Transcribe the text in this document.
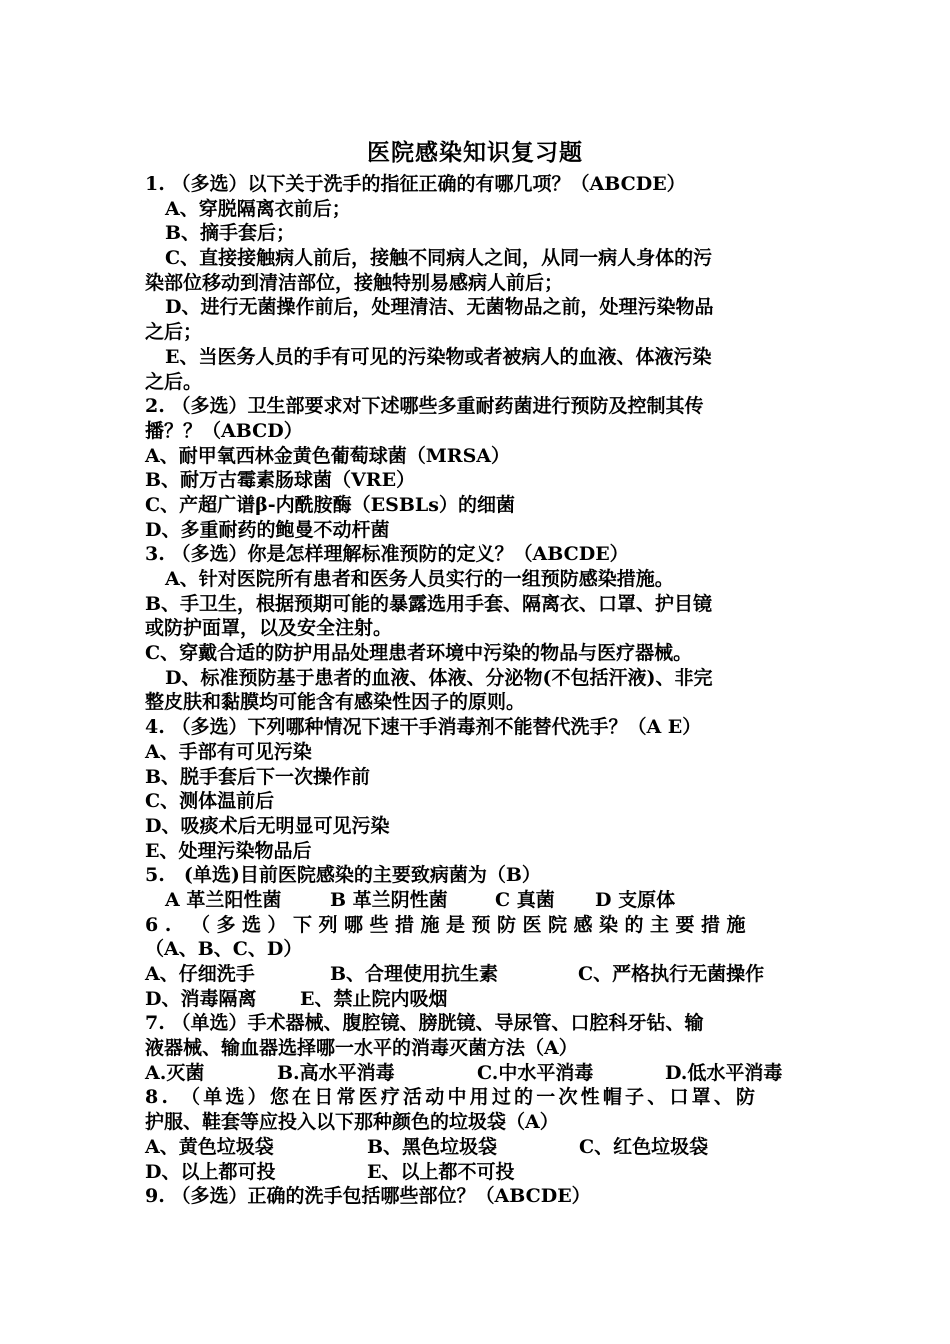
医院感染知识复习题
1. （多选）以下关于洗手的指征正确的有哪几项？（ABCDE）
A、穿脱隔离衣前后；
B、摘手套后；
C、直接接触病人前后，接触不同病人之间，从同一病人身体的污
染部位移动到清洁部位，接触特别易感病人前后；
D、进行无菌操作前后，处理清洁、无菌物品之前，处理污染物品
之后；
E、当医务人员的手有可见的污染物或者被病人的血液、体液污染
之后。
2. （多选）卫生部要求对下述哪些多重耐药菌进行预防及控制其传
播？？（ABCD）
A、耐甲氧西林金黄色葡萄球菌（MRSA）
B、耐万古霉素肠球菌（VRE）
C、产超广谱β-内酰胺酶（ESBLs）的细菌
D、多重耐药的鲍曼不动杆菌
3. （多选）你是怎样理解标准预防的定义？（ABCDE）
A、针对医院所有患者和医务人员实行的一组预防感染措施。
B、手卫生，根据预期可能的暴露选用手套、隔离衣、口罩、护目镜
或防护面罩，以及安全注射。
C、穿戴合适的防护用品处理患者环境中污染的物品与医疗器械。
D、标准预防基于患者的血液、体液、分泌物(不包括汗液)、非完
整皮肤和黏膜均可能含有感染性因子的原则。
4. （多选）下列哪种情况下速干手消毒剂不能替代洗手？（A E）
A、手部有可见污染
B、脱手套后下一次操作前
C、测体温前后
D、吸痰术后无明显可见污染
E、处理污染物品后
5.　(单选)目前医院感染的主要致病菌为（B）
A 革兰阳性菌	B 革兰阴性菌	C 真菌	D 支原体
6. （多选）下列哪些措施是预防医院感染的主要措施
（A、B、C、D）
A、仔细洗手	B、合理使用抗生素	C、严格执行无菌操作
D、消毒隔离	E、禁止院内吸烟
7. （单选）手术器械、腹腔镜、膀胱镜、导尿管、口腔科牙钻、输
液器械、输血器选择哪一水平的消毒灭菌方法（A）
A.灭菌	B.高水平消毒	C.中水平消毒	D.低水平消毒
8. （单选）您在日常医疗活动中用过的一次性帽子、口罩、防
护服、鞋套等应投入以下那种颜色的垃圾袋（A）
A、黄色垃圾袋	B、黑色垃圾袋	C、红色垃圾袋
D、以上都可投	E、以上都不可投
9. （多选）正确的洗手包括哪些部位？（ABCDE）
